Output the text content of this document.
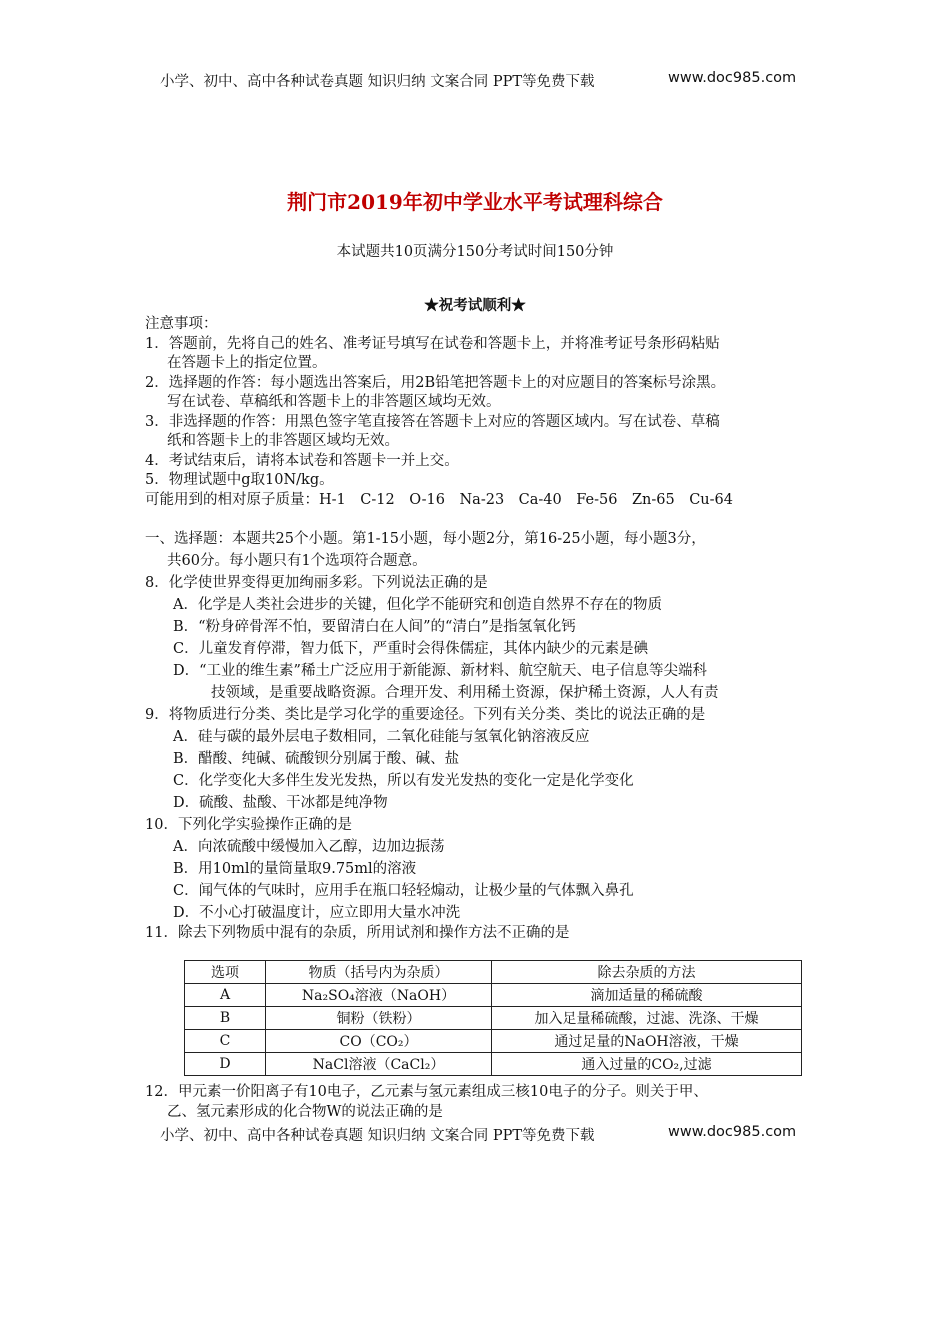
小学、初中、高中各种试卷真题 知识归纳 文案合同 PPT等免费下载	www.doc985.com
荆门市2019年初中学业水平考试理科综合
本试题共10页满分150分考试时间150分钟
★祝考试顺利★
注意事项：
1．答题前，先将自己的姓名、准考证号填写在试卷和答题卡上，并将准考证号条形码粘贴
在答题卡上的指定位置。
2．选择题的作答：每小题选出答案后，用2B铅笔把答题卡上的对应题目的答案标号涂黑。
写在试卷、草稿纸和答题卡上的非答题区域均无效。
3．非选择题的作答：用黑色签字笔直接答在答题卡上对应的答题区域内。写在试卷、草稿
纸和答题卡上的非答题区域均无效。
4．考试结束后，请将本试卷和答题卡一并上交。
5．物理试题中g取10N/kg。
可能用到的相对原子质量：H-1　C-12　O-16　Na-23　Ca-40　Fe-56　Zn-65　Cu-64
一、选择题：本题共25个小题。第1-15小题，每小题2分，第16-25小题，每小题3分，
共60分。每小题只有1个选项符合题意。
8．化学使世界变得更加绚丽多彩。下列说法正确的是
A．化学是人类社会进步的关键，但化学不能研究和创造自然界不存在的物质
B．“粉身碎骨浑不怕，要留清白在人间”的“清白”是指氢氧化钙
C．儿童发育停滞，智力低下，严重时会得侏儒症，其体内缺少的元素是碘
D．“工业的维生素”稀土广泛应用于新能源、新材料、航空航天、电子信息等尖端科
技领域，是重要战略资源。合理开发、利用稀土资源，保护稀土资源，人人有责
9．将物质进行分类、类比是学习化学的重要途径。下列有关分类、类比的说法正确的是
A．硅与碳的最外层电子数相同，二氧化硅能与氢氧化钠溶液反应
B．醋酸、纯碱、硫酸钡分别属于酸、碱、盐
C．化学变化大多伴生发光发热，所以有发光发热的变化一定是化学变化
D．硫酸、盐酸、干冰都是纯净物
10．下列化学实验操作正确的是
A．向浓硫酸中缓慢加入乙醇，边加边振荡
B．用10ml的量筒量取9.75ml的溶液
C．闻气体的气味时，应用手在瓶口轻轻煽动，让极少量的气体飘入鼻孔
D．不小心打破温度计，应立即用大量水冲洗
11．除去下列物质中混有的杂质，所用试剂和操作方法不正确的是
选项	物质（括号内为杂质）	除去杂质的方法
A	Na₂SO₄溶液（NaOH）	滴加适量的稀硫酸
B	铜粉（铁粉）	加入足量稀硫酸，过滤、洗涤、干燥
C	CO（CO₂）	通过足量的NaOH溶液，干燥
D	NaCl溶液（CaCl₂）	通入过量的CO₂,过滤
12．甲元素一价阳离子有10电子，乙元素与氢元素组成三核10电子的分子。则关于甲、
乙、氢元素形成的化合物W的说法正确的是
小学、初中、高中各种试卷真题 知识归纳 文案合同 PPT等免费下载	www.doc985.com
